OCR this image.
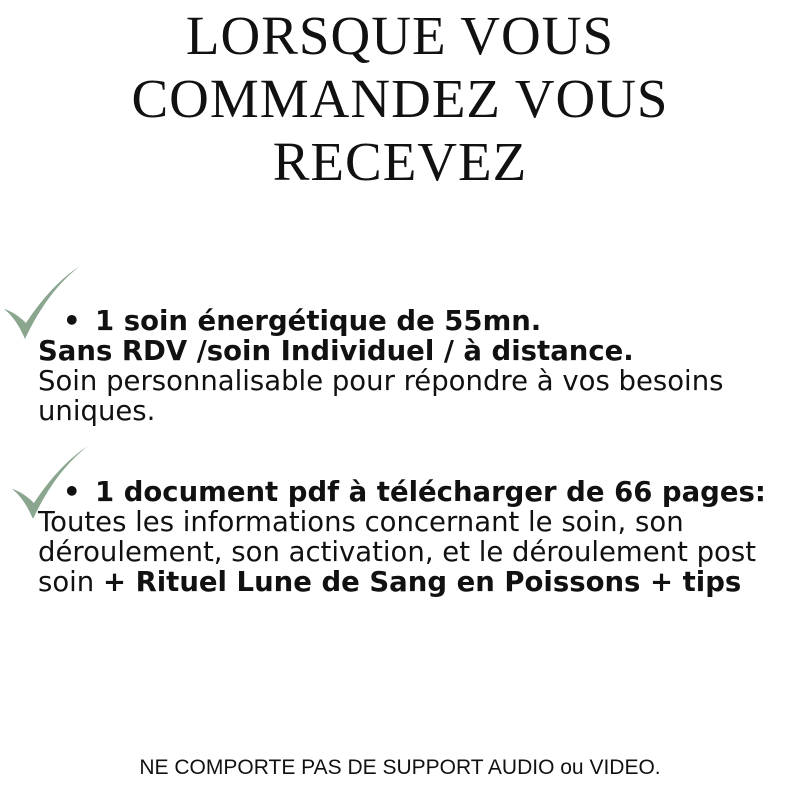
LORSQUE VOUS
COMMANDEZ VOUS
RECEVEZ
• 1 soin énergétique de 55mn.
Sans RDV /soin Individuel / à distance.
Soin personnalisable pour répondre à vos besoins uniques.
• 1 document pdf à télécharger de 66 pages:
Toutes les informations concernant le soin, son déroulement, son activation, et le déroulement post soin + Rituel Lune de Sang en Poissons + tips
NE COMPORTE PAS DE SUPPORT AUDIO ou VIDEO.
